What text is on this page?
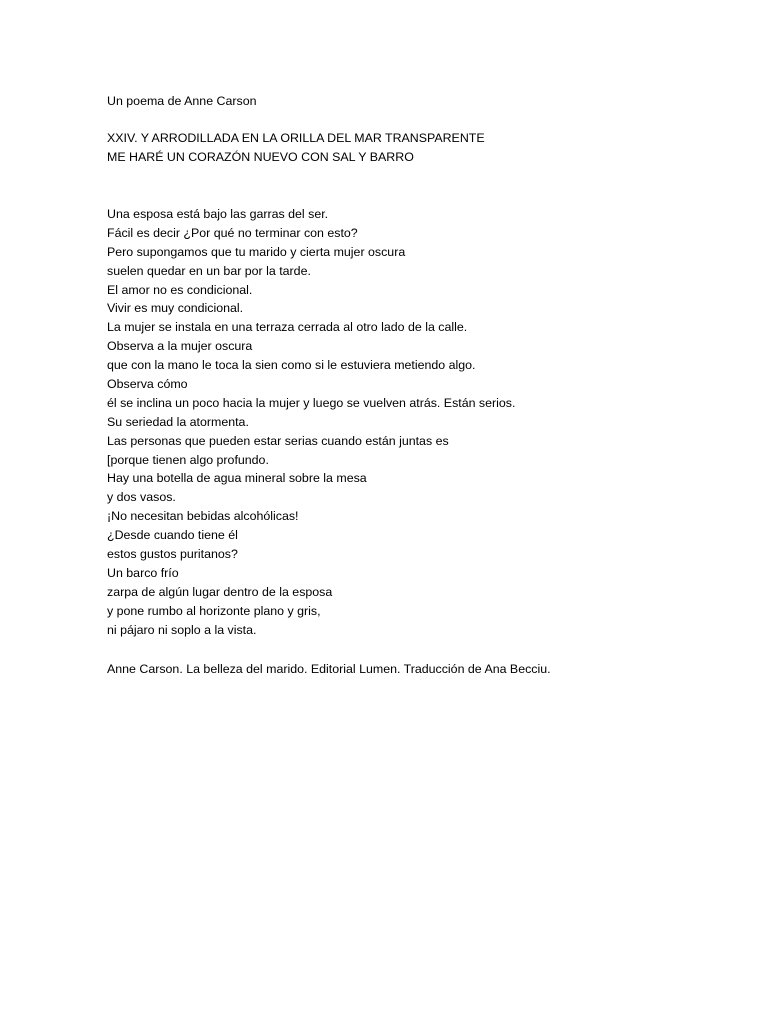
Un poema de Anne Carson

XXIV. Y ARRODILLADA EN LA ORILLA DEL MAR TRANSPARENTE
ME HARÉ UN CORAZÓN NUEVO CON SAL Y BARRO
Una esposa está bajo las garras del ser.
Fácil es decir ¿Por qué no terminar con esto?
Pero supongamos que tu marido y cierta mujer oscura
suelen quedar en un bar por la tarde.
El amor no es condicional.
Vivir es muy condicional.
La mujer se instala en una terraza cerrada al otro lado de la calle.
Observa a la mujer oscura
que con la mano le toca la sien como si le estuviera metiendo algo.
Observa cómo
él se inclina un poco hacia la mujer y luego se vuelven atrás. Están serios.
Su seriedad la atormenta.
Las personas que pueden estar serias cuando están juntas es
[porque tienen algo profundo.
Hay una botella de agua mineral sobre la mesa
y dos vasos.
¡No necesitan bebidas alcohólicas!
¿Desde cuando tiene él
estos gustos puritanos?
Un barco frío
zarpa de algún lugar dentro de la esposa
y pone rumbo al horizonte plano y gris,
ni pájaro ni soplo a la vista.

Anne Carson. La belleza del marido. Editorial Lumen. Traducción de Ana Becciu.
